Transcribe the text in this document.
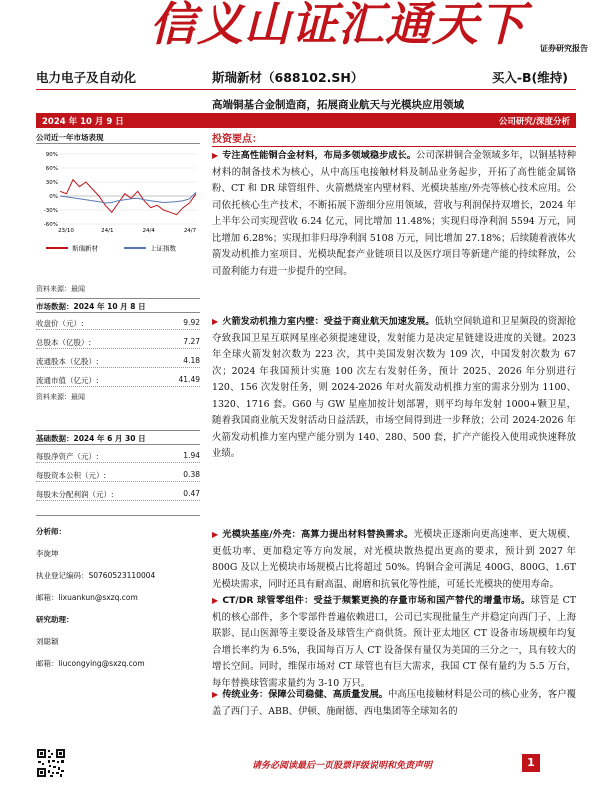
信义山证汇通天下 证券研究报告
电力电子及自动化	斯瑞新材（688102.SH）	买入-B(维持)
高端铜基合金制造商，拓展商业航天与光模块应用领域
2024 年 10 月 9 日	公司研究/深度分析
公司近一年市场表现
90%
60%
30%
0%
-30%
-60%
23/10	24/1	24/4	24/7
斯瑞新材	上证指数
资料来源：最闻
市场数据：2024 年 10 月 8 日
收盘价（元）:	9.92
总股本（亿股）:	7.27
流通股本（亿股）:	4.18
流通市值（亿元）:	41.49
资料来源：最闻
基础数据：2024 年 6 月 30 日
每股净资产（元）:	1.94
每股资本公积（元）:	0.38
每股未分配利润（元）:	0.47
分析师：
李旋坤
执业登记编码：S0760523110004
邮箱：lixuankun@sxzq.com
研究助理：
刘聪颖
邮箱：liucongying@sxzq.com
投资要点：
▶ 专注高性能铜合金材料，布局多领域稳步成长。公司深耕铜合金领域多年，以铜基特种材料的制备技术为核心，从中高压电接触材料及制品业务起步，开拓了高性能金属铬粉、CT 和 DR 球管组件、火箭燃烧室内壁材料、光模块基座/外壳等核心技术应用。公司依托核心生产技术，不断拓展下游细分应用领域，营收与利润保持双增长，2024 年上半年公司实现营收 6.24 亿元，同比增加 11.48%；实现归母净利润 5594 万元，同比增加 6.28%；实现扣非归母净利润 5108 万元，同比增加 27.18%；后续随着液体火箭发动机推力室项目、光模块配套产业链项目以及医疗项目等新建产能的持续释放，公司盈利能力有进一步提升的空间。
▶ 火箭发动机推力室内壁：受益于商业航天加速发展。低轨空间轨道和卫星频段的资源抢夺致我国卫星互联网星座必须提速建设，发射能力是决定星链建设进度的关键。2023 年全球火箭发射次数为 223 次，其中美国发射次数为 109 次，中国发射次数为 67 次；2024 年我国预计实施 100 次左右发射任务，预计 2025、2026 年分别进行 120、156 次发射任务，则 2024-2026 年对火箭发动机推力室的需求分别为 1100、1320、1716 套。G60 与 GW 星座加按计划部署，则平均每年发射 1000+颗卫星，随着我国商业航天发射活动日益活跃，市场空间得到进一步释放；公司 2024-2026 年火箭发动机推力室内壁产能分别为 140、280、500 套，扩产产能投入使用或快速释放业绩。
▶ 光模块基座/外壳：高算力提出材料替换需求。光模块正逐渐向更高速率、更大规模、更低功率、更加稳定等方向发展，对光模块散热提出更高的要求，预计到 2027 年 800G 及以上光模块市场规模占比将超过 50%。钨铜合金可满足 400G、800G、1.6T 光模块需求，同时还具有耐高温、耐磨和抗氧化等性能，可延长光模块的使用寿命。
▶ CT/DR 球管零组件：受益于频繁更换的存量市场和国产替代的增量市场。球管是 CT 机的核心部件，多个零部件普遍依赖进口，公司已实现批量生产并稳定向西门子、上海联影、昆山医源等主要设备及球管生产商供货。预计亚太地区 CT 设备市场规模年均复合增长率约为 6.5%，我国每百万人 CT 设备保有量仅为美国的三分之一，具有较大的增长空间。同时，维保市场对 CT 球管也有巨大需求，我国 CT 保有量约为 5.5 万台，每年替换球管需求量约为 3-10 万只。
▶ 传统业务：保障公司稳健、高质量发展。中高压电接触材料是公司的核心业务，客户覆盖了西门子、ABB、伊顿、施耐德、西电集团等全球知名的
请务必阅读最后一页股票评级说明和免责声明	1
